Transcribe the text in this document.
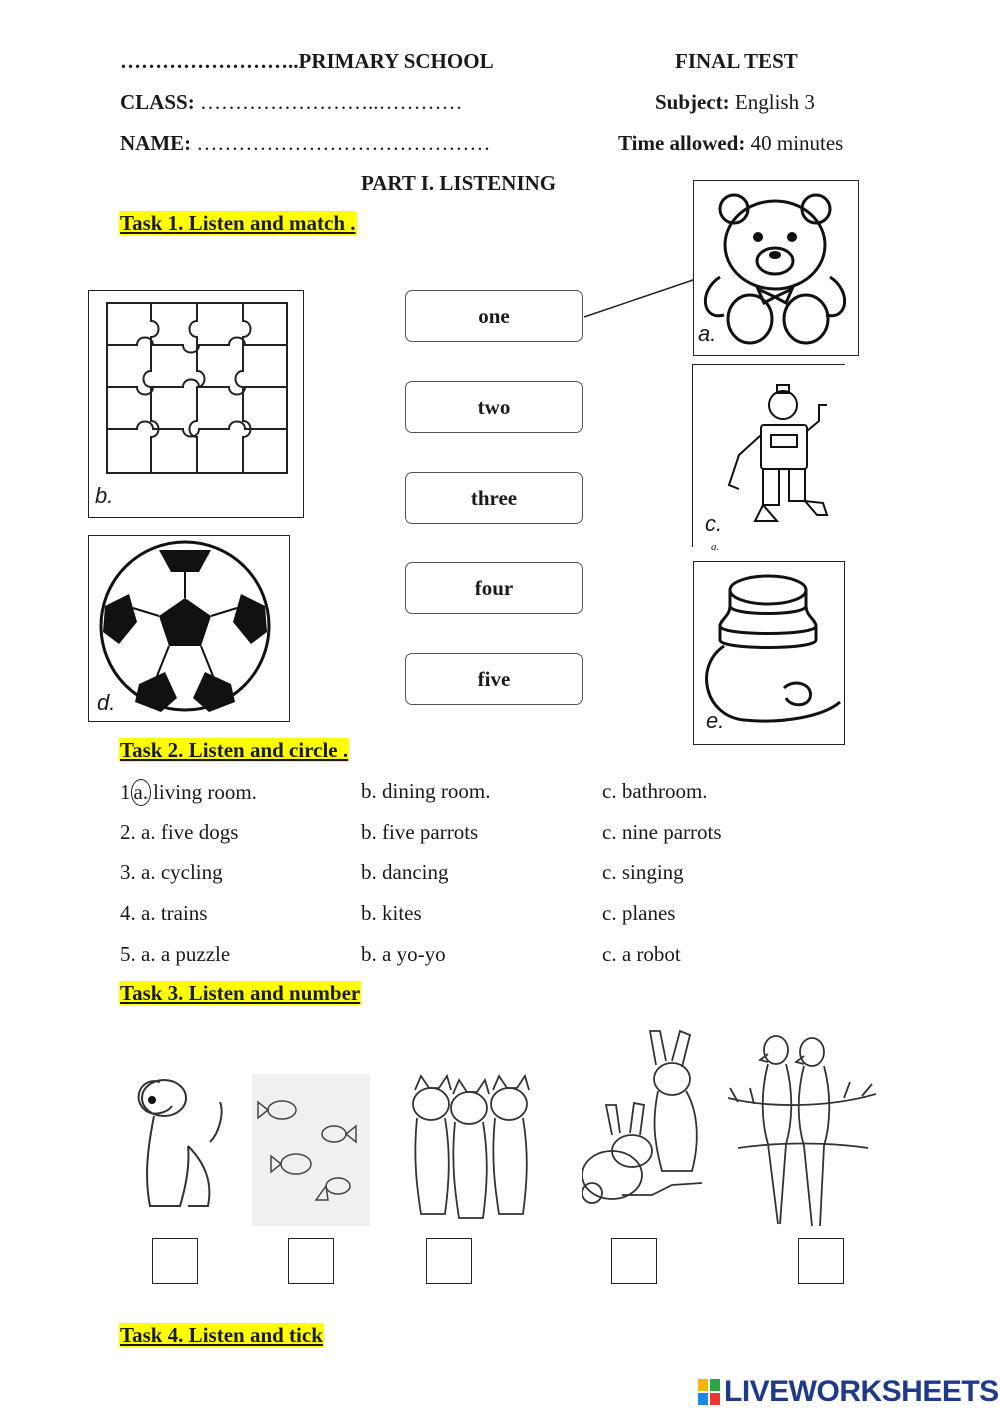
……………………..PRIMARY SCHOOL	FINAL TEST
CLASS: ……………………..…………	Subject: English 3
NAME: ……………………………………	Time allowed: 40 minutes
PART I. LISTENING
Task 1. Listen and match .
one
two
three
four
five
b.
d.
a.
c.
a.
e.
Task 2. Listen and circle .
1 a. living room.	b. dining room.	c. bathroom.
2. a. five dogs	b. five parrots	c. nine parrots
3. a. cycling	b. dancing	c. singing
4. a. trains	b. kites	c. planes
5. a. a puzzle	b. a yo-yo	c. a robot
Task 3. Listen and number
Task 4. Listen and tick
LIVEWORKSHEETS
